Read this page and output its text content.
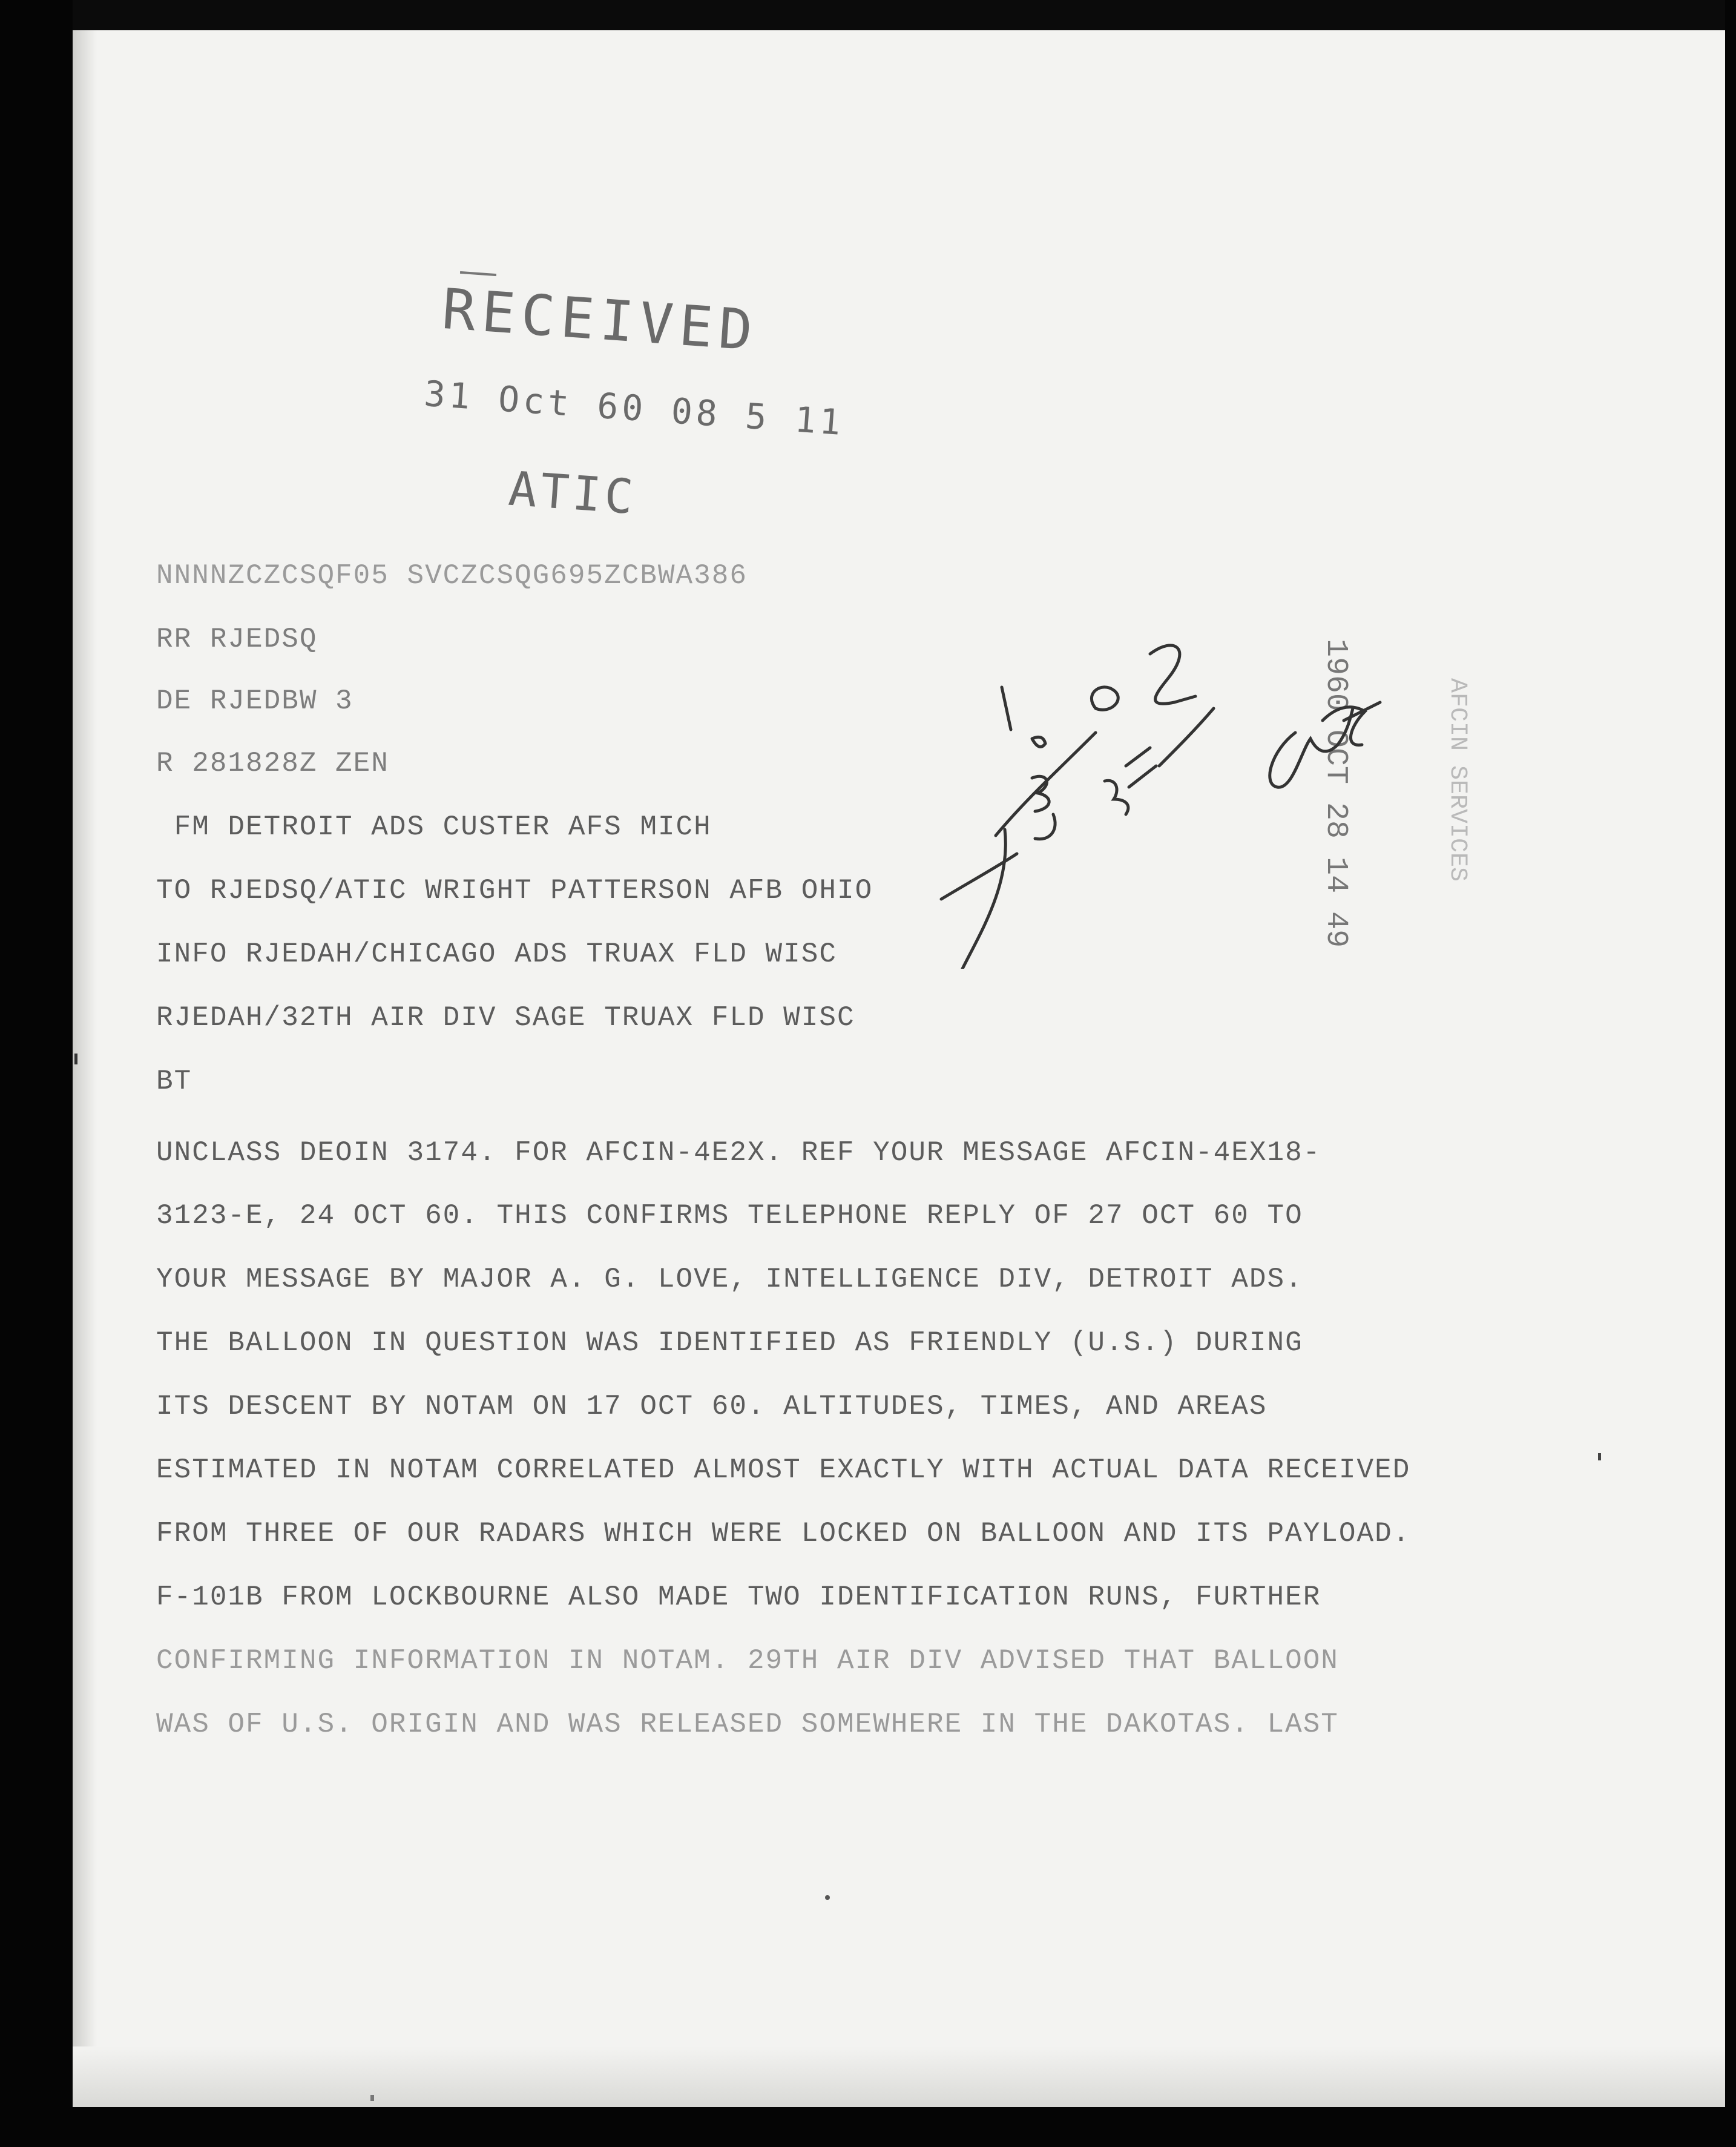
RECEIVED
31 Oct 60 08 5 11
ATIC
NNNNZCZCSQF05 SVCZCSQG695ZCBWA386
RR RJEDSQ
DE RJEDBW 3
R 281828Z ZEN
FM DETROIT ADS CUSTER AFS MICH
TO RJEDSQ/ATIC WRIGHT PATTERSON AFB OHIO
INFO RJEDAH/CHICAGO ADS TRUAX FLD WISC
RJEDAH/32TH AIR DIV SAGE TRUAX FLD WISC
BT
UNCLASS DEOIN 3174. FOR AFCIN-4E2X. REF YOUR MESSAGE AFCIN-4EX18-
3123-E, 24 OCT 60. THIS CONFIRMS TELEPHONE REPLY OF 27 OCT 60 TO
YOUR MESSAGE BY MAJOR A. G. LOVE, INTELLIGENCE DIV, DETROIT ADS.
THE BALLOON IN QUESTION WAS IDENTIFIED AS FRIENDLY (U.S.) DURING
ITS DESCENT BY NOTAM ON 17 OCT 60. ALTITUDES, TIMES, AND AREAS
ESTIMATED IN NOTAM CORRELATED ALMOST EXACTLY WITH ACTUAL DATA RECEIVED
FROM THREE OF OUR RADARS WHICH WERE LOCKED ON BALLOON AND ITS PAYLOAD.
F-101B FROM LOCKBOURNE ALSO MADE TWO IDENTIFICATION RUNS, FURTHER
CONFIRMING INFORMATION IN NOTAM. 29TH AIR DIV ADVISED THAT BALLOON
WAS OF U.S. ORIGIN AND WAS RELEASED SOMEWHERE IN THE DAKOTAS. LAST
1960 OCT 28 14 49	AFCIN SERVICES
